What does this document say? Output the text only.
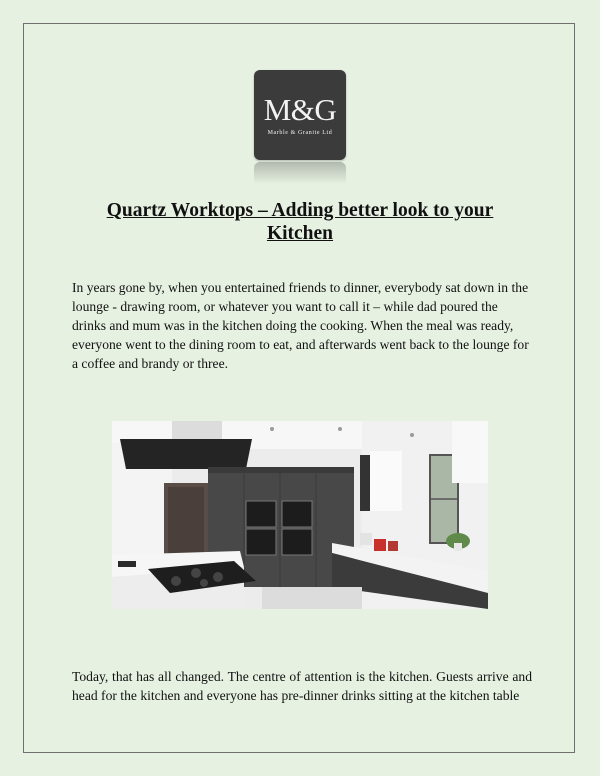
M&G
Marble & Granite Ltd
Quartz Worktops – Adding better look to your
Kitchen

In years gone by, when you entertained friends to dinner, everybody sat down in the lounge - drawing room, or whatever you want to call it – while dad poured the drinks and mum was in the kitchen doing the cooking. When the meal was ready, everyone went to the dining room to eat, and afterwards went back to the lounge for a coffee and brandy or three.

Today, that has all changed. The centre of attention is the kitchen. Guests arrive and head for the kitchen and everyone has pre-dinner drinks sitting at the kitchen table
